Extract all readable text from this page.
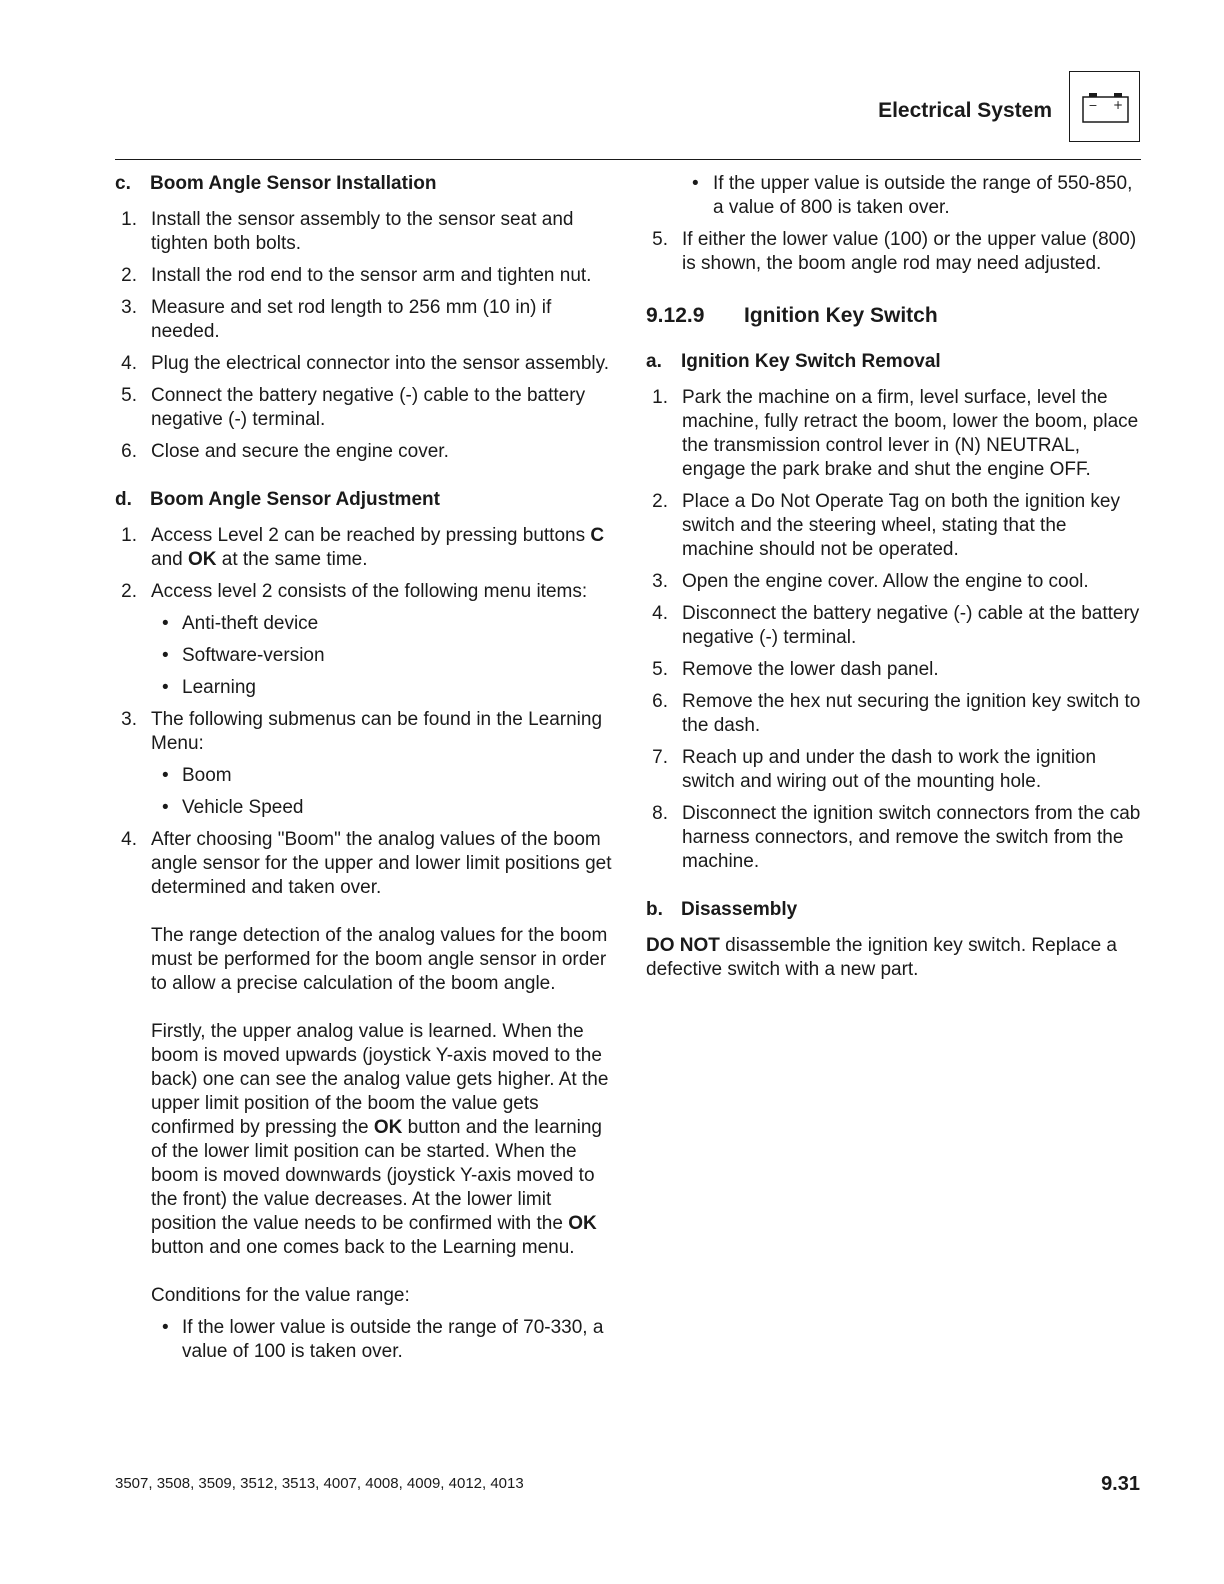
Electrical System	− +
c.	Boom Angle Sensor Installation
1. Install the sensor assembly to the sensor seat and tighten both bolts.
2. Install the rod end to the sensor arm and tighten nut.
3. Measure and set rod length to 256 mm (10 in) if needed.
4. Plug the electrical connector into the sensor assembly.
5. Connect the battery negative (-) cable to the battery negative (-) terminal.
6. Close and secure the engine cover.
d. Boom Angle Sensor Adjustment
1. Access Level 2 can be reached by pressing buttons C and OK at the same time.
2. Access level 2 consists of the following menu items:
• Anti-theft device
• Software-version
• Learning
3. The following submenus can be found in the Learning Menu:
• Boom
• Vehicle Speed
4. After choosing "Boom" the analog values of the boom angle sensor for the upper and lower limit positions get determined and taken over.

The range detection of the analog values for the boom must be performed for the boom angle sensor in order to allow a precise calculation of the boom angle.

Firstly, the upper analog value is learned. When the boom is moved upwards (joystick Y-axis moved to the back) one can see the analog value gets higher. At the upper limit position of the boom the value gets confirmed by pressing the OK button and the learning of the lower limit position can be started. When the boom is moved downwards (joystick Y-axis moved to the front) the value decreases. At the lower limit position the value needs to be confirmed with the OK button and one comes back to the Learning menu.

Conditions for the value range:

• If the lower value is outside the range of 70-330, a value of 100 is taken over.
• If the upper value is outside the range of 550-850, a value of 800 is taken over.
5. If either the lower value (100) or the upper value (800) is shown, the boom angle rod may need adjusted.
9.12.9	Ignition Key Switch
a.	Ignition Key Switch Removal
1. Park the machine on a firm, level surface, level the machine, fully retract the boom, lower the boom, place the transmission control lever in (N) NEUTRAL, engage the park brake and shut the engine OFF.
2. Place a Do Not Operate Tag on both the ignition key switch and the steering wheel, stating that the machine should not be operated.
3. Open the engine cover. Allow the engine to cool.
4. Disconnect the battery negative (-) cable at the battery negative (-) terminal.
5. Remove the lower dash panel.
6. Remove the hex nut securing the ignition key switch to the dash.
7. Reach up and under the dash to work the ignition switch and wiring out of the mounting hole.
8. Disconnect the ignition switch connectors from the cab harness connectors, and remove the switch from the machine.
b. Disassembly

DO NOT disassemble the ignition key switch. Replace a defective switch with a new part.

3507, 3508, 3509, 3512, 3513, 4007, 4008, 4009, 4012, 4013	9.31
